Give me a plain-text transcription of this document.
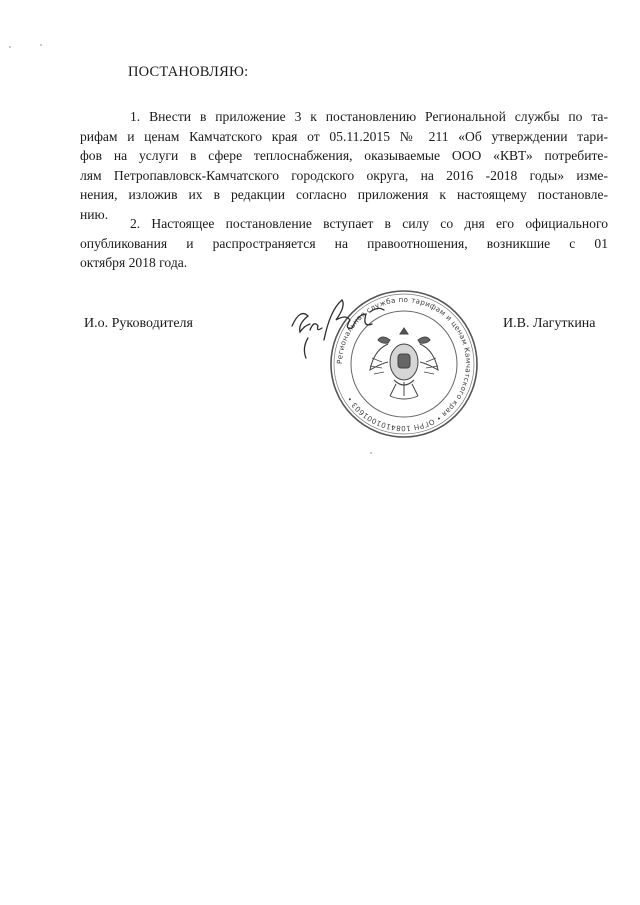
ПОСТАНОВЛЯЮ:
1. Внести в приложение 3 к постановлению Региональной службы по та-
рифам и ценам Камчатского края от 05.11.2015 № 211 «Об утверждении тари-
фов на услуги в сфере теплоснабжения, оказываемые ООО «КВТ» потребите-
лям Петропавловск-Камчатского городского округа, на 2016 -2018 годы» изме-
нения, изложив их в редакции согласно приложения к настоящему постановле-
нию.
2. Настоящее постановление вступает в силу со дня его официального
опубликования и распространяется на правоотношения, возникшие с 01
октября 2018 года.
И.о. Руководителя	И.В. Лагуткина
Региональная служба по тарифам и ценам Камчатского края • ОГРН 1084101001603 •
